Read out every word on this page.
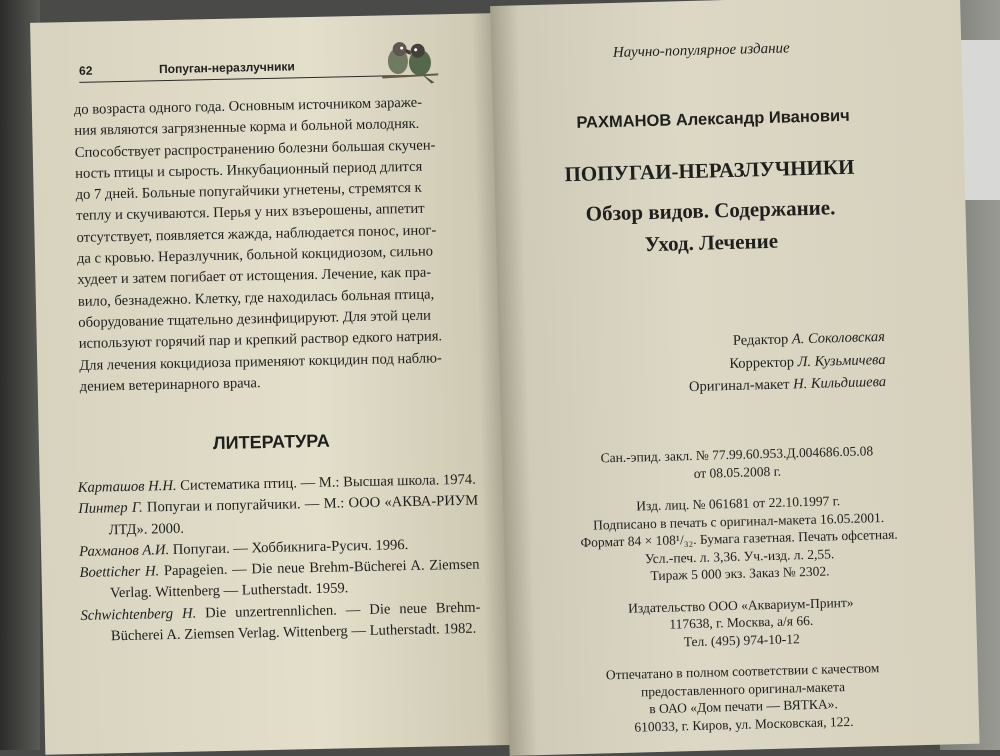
62	Попуган-неразлучники
до возраста одного года. Основным источником зараже-
ния являются загрязненные корма и больной молодняк.
Способствует распространению болезни большая скучен-
ность птицы и сырость. Инкубационный период длится
до 7 дней. Больные попугайчики угнетены, стремятся к
теплу и скучиваются. Перья у них взъерошены, аппетит
отсутствует, появляется жажда, наблюдается понос, иног-
да с кровью. Неразлучник, больной кокцидиозом, сильно
худеет и затем погибает от истощения. Лечение, как пра-
вило, безнадежно. Клетку, где находилась больная птица,
оборудование тщательно дезинфицируют. Для этой цели
используют горячий пар и крепкий раствор едкого натрия.
Для лечения кокцидиоза применяют кокцидин под наблю-
дением ветеринарного врача.
ЛИТЕРАТУРА
Карташов Н.Н. Систематика птиц. — М.: Высшая школа. 1974.
Пинтер Г. Попугаи и попугайчики. — М.: ООО «АКВА-РИУМ ЛТД». 2000.
Рахманов А.И. Попугаи. — Хоббикнига-Русич. 1996.
Boetticher H. Papageien. — Die neue Brehm-Bücherei A. Ziemsen Verlag. Wittenberg — Lutherstadt. 1959.
Schwichtenberg H. Die unzertrennlichen. — Die neue Brehm-Bücherei A. Ziemsen Verlag. Wittenberg — Lutherstadt. 1982.
Научно-популярное издание
РАХМАНОВ Александр Иванович
ПОПУГАИ-НЕРАЗЛУЧНИКИ
Обзор видов. Содержание.
Уход. Лечение
Редактор А. Соколовская
Корректор Л. Кузьмичева
Оригинал-макет Н. Кильдишева
Сан.-эпид. закл. № 77.99.60.953.Д.004686.05.08
от 08.05.2008 г.
Изд. лиц. № 061681 от 22.10.1997 г.
Подписано в печать с оригинал-макета 16.05.2001.
Формат 84 × 108¹/₃₂. Бумага газетная. Печать офсетная.
Усл.-печ. л. 3,36. Уч.-изд. л. 2,55.
Тираж 5 000 экз. Заказ № 2302.
Издательство ООО «Аквариум-Принт»
117638, г. Москва, а/я 66.
Тел. (495) 974-10-12
Отпечатано в полном соответствии с качеством
предоставленного оригинал-макета
в ОАО «Дом печати — ВЯТКА».
610033, г. Киров, ул. Московская, 122.
